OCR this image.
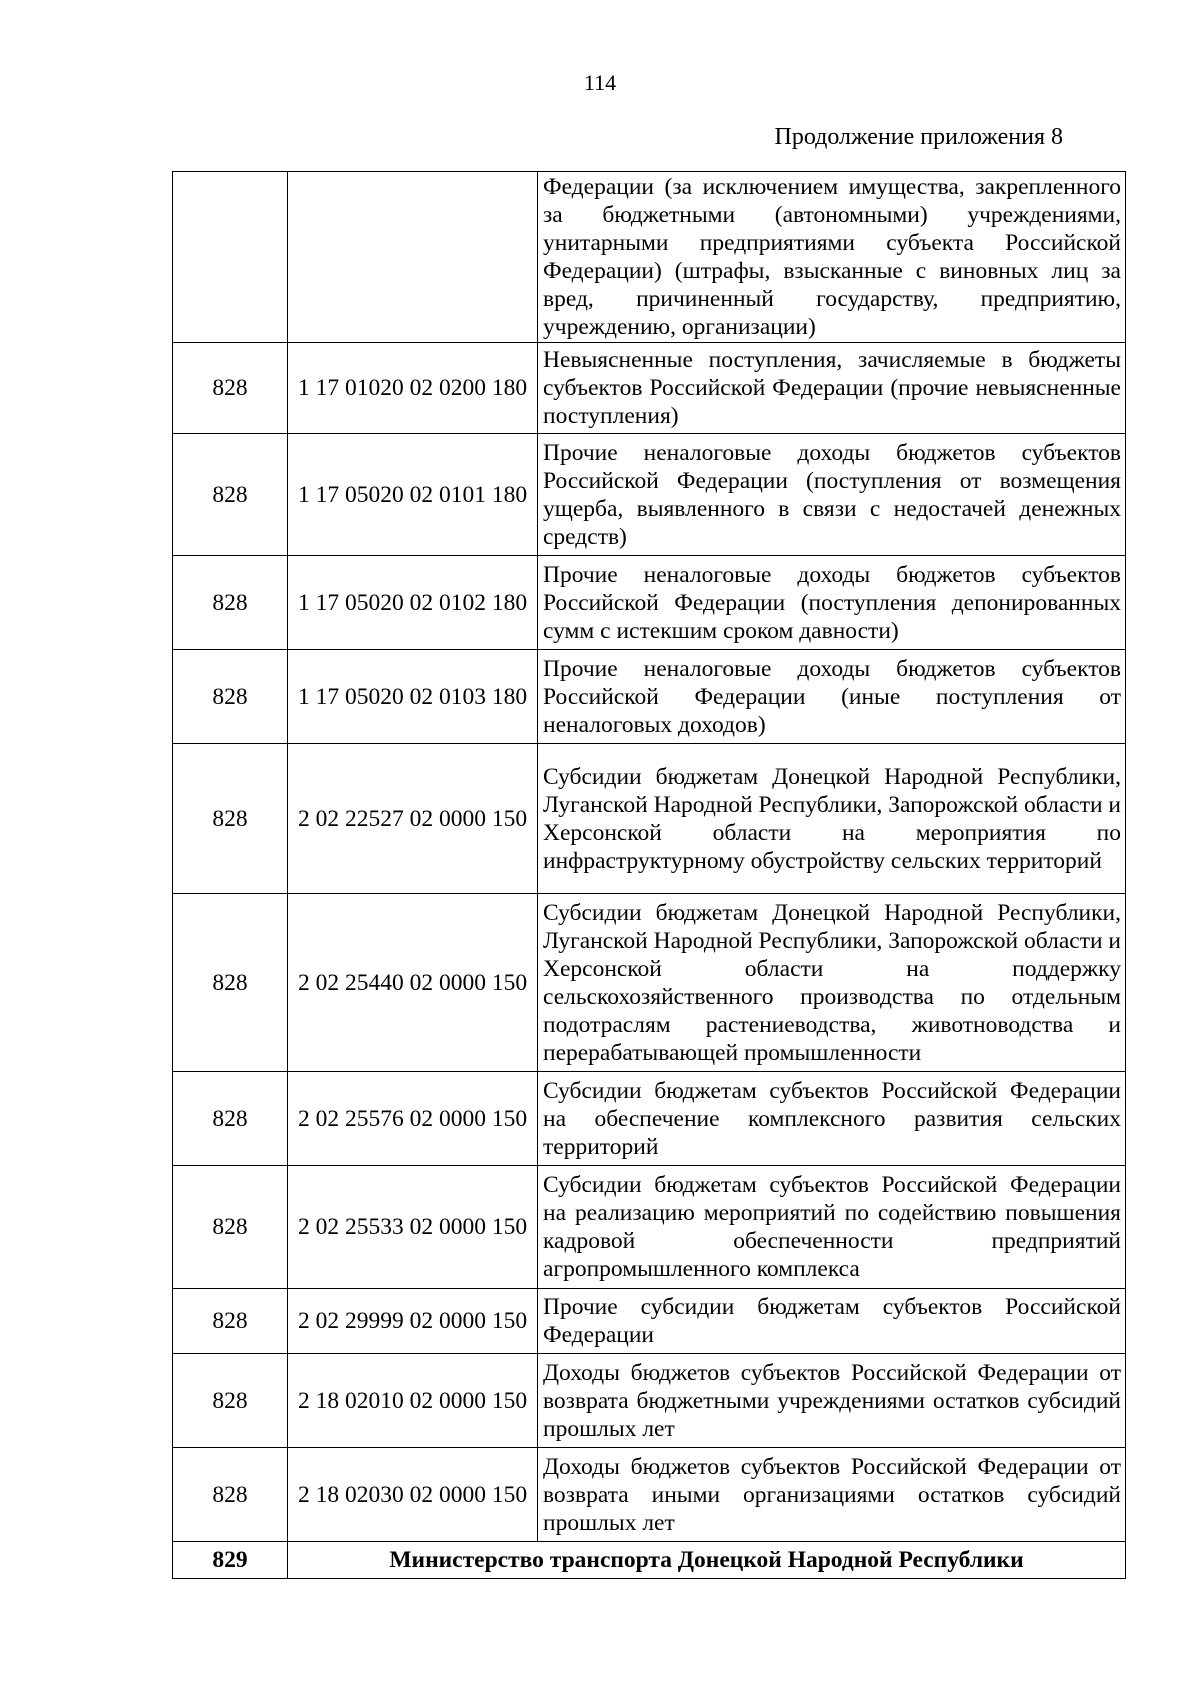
114
Продолжение приложения 8
		Федерации (за исключением имущества, закрепленного за бюджетными (автономными) учреждениями, унитарными предприятиями субъекта Российской Федерации) (штрафы, взысканные с виновных лиц за вред, причиненный государству, предприятию, учреждению, организации)
828	1 17 01020 02 0200 180	Невыясненные поступления, зачисляемые в бюджеты субъектов Российской Федерации (прочие невыясненные поступления)
828	1 17 05020 02 0101 180	Прочие неналоговые доходы бюджетов субъектов Российской Федерации (поступления от возмещения ущерба, выявленного в связи с недостачей денежных средств)
828	1 17 05020 02 0102 180	Прочие неналоговые доходы бюджетов субъектов Российской Федерации (поступления депонированных сумм с истекшим сроком давности)
828	1 17 05020 02 0103 180	Прочие неналоговые доходы бюджетов субъектов Российской Федерации (иные поступления от неналоговых доходов)
828	2 02 22527 02 0000 150	Субсидии бюджетам Донецкой Народной Республики, Луганской Народной Республики, Запорожской области и Херсонской области на мероприятия по инфраструктурному обустройству сельских территорий
828	2 02 25440 02 0000 150	Субсидии бюджетам Донецкой Народной Республики, Луганской Народной Республики, Запорожской области и Херсонской области на поддержку сельскохозяйственного производства по отдельным подотраслям растениеводства, животноводства и перерабатывающей промышленности
828	2 02 25576 02 0000 150	Субсидии бюджетам субъектов Российской Федерации на обеспечение комплексного развития сельских территорий
828	2 02 25533 02 0000 150	Субсидии бюджетам субъектов Российской Федерации на реализацию мероприятий по содействию повышения кадровой обеспеченности предприятий агропромышленного комплекса
828	2 02 29999 02 0000 150	Прочие субсидии бюджетам субъектов Российской Федерации
828	2 18 02010 02 0000 150	Доходы бюджетов субъектов Российской Федерации от возврата бюджетными учреждениями остатков субсидий прошлых лет
828	2 18 02030 02 0000 150	Доходы бюджетов субъектов Российской Федерации от возврата иными организациями остатков субсидий прошлых лет
829	Министерство транспорта Донецкой Народной Республики	
